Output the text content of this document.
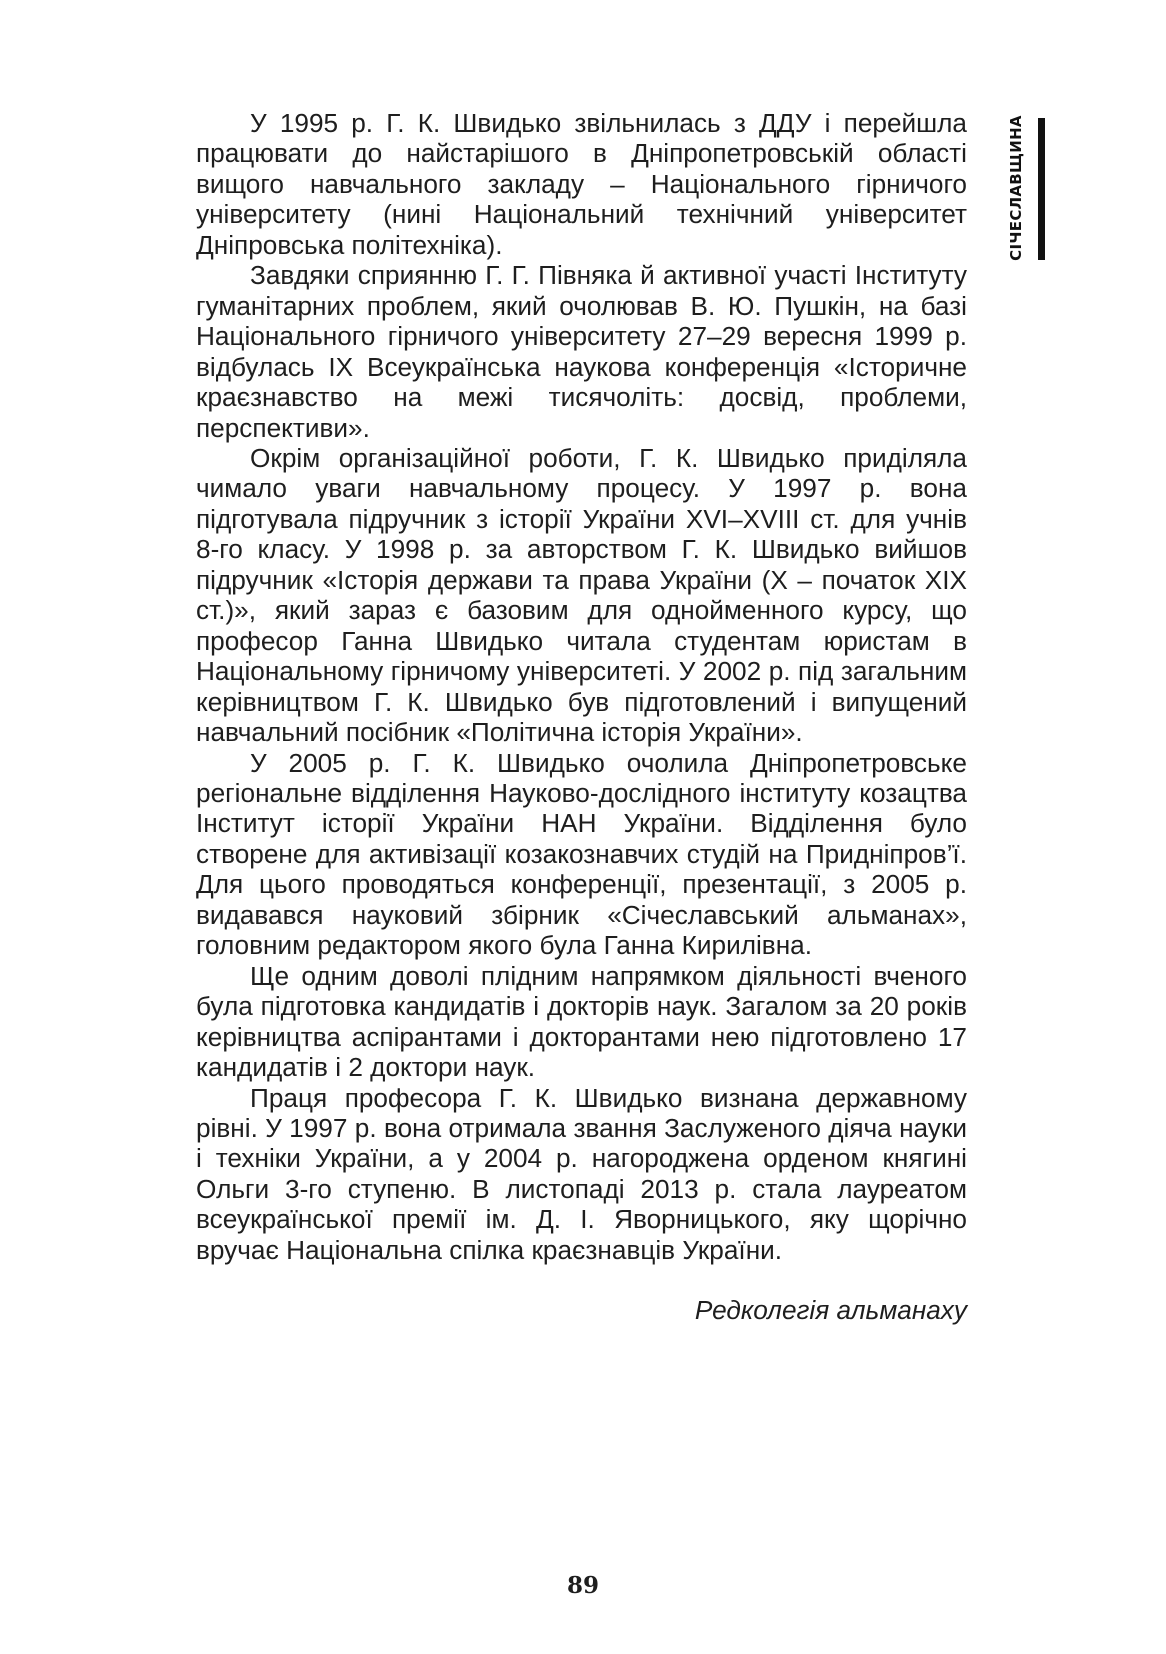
СІЧЕСЛАВЩИНА

У 1995 р. Г. К. Швидько звільнилась з ДДУ і перейшла працювати до найстарішого в Дніпропетровській області вищого навчального закладу – Національного гірничого університету (нині Національний технічний університет Дніпровська політехніка).

Завдяки сприянню Г. Г. Півняка й активної участі Інституту гуманітарних проблем, який очолював В. Ю. Пушкін, на базі Національного гірничого університету 27–29 вересня 1999 р. відбулась IX Всеукраїнська наукова конференція «Історичне краєзнавство на межі тисячоліть: досвід, проблеми, перспективи».

Окрім організаційної роботи, Г. К. Швидько приділяла чимало уваги навчальному процесу. У 1997 р. вона підготувала підручник з історії України XVI–XVIII ст. для учнів 8-го класу. У 1998 р. за авторством Г. К. Швидько вийшов підручник «Історія держави та права України (Х – початок ХІХ ст.)», який зараз є базовим для однойменного курсу, що професор Ганна Швидько читала студентам юристам в Національному гірничому університеті. У 2002 р. під загальним керівництвом Г. К. Швидько був підготовлений і випущений навчальний посібник «Політична історія України».

У 2005 р. Г. К. Швидько очолила Дніпропетровське регіональне відділення Науково-дослідного інституту козацтва Інститут історії України НАН України. Відділення було створене для активізації козакознавчих студій на Придніпров’ї. Для цього проводяться конференції, презентації, з 2005 р. видавався науковий збірник «Січеславський альманах», головним редактором якого була Ганна Кирилівна.

Ще одним доволі плідним напрямком діяльності вченого була підготовка кандидатів і докторів наук. Загалом за 20 років керівництва аспірантами і докторантами нею підготовлено 17 кандидатів і 2 доктори наук.

Праця професора Г. К. Швидько визнана державному рівні. У 1997 р. вона отримала звання Заслуженого діяча науки і техніки України, а у 2004 р. нагороджена орденом княгині Ольги 3-го ступеню. В листопаді 2013 р. стала лауреатом всеукраїнської премії ім. Д. І. Яворницького, яку щорічно вручає Національна спілка краєзнавців України.

Редколегія альманаху
89
